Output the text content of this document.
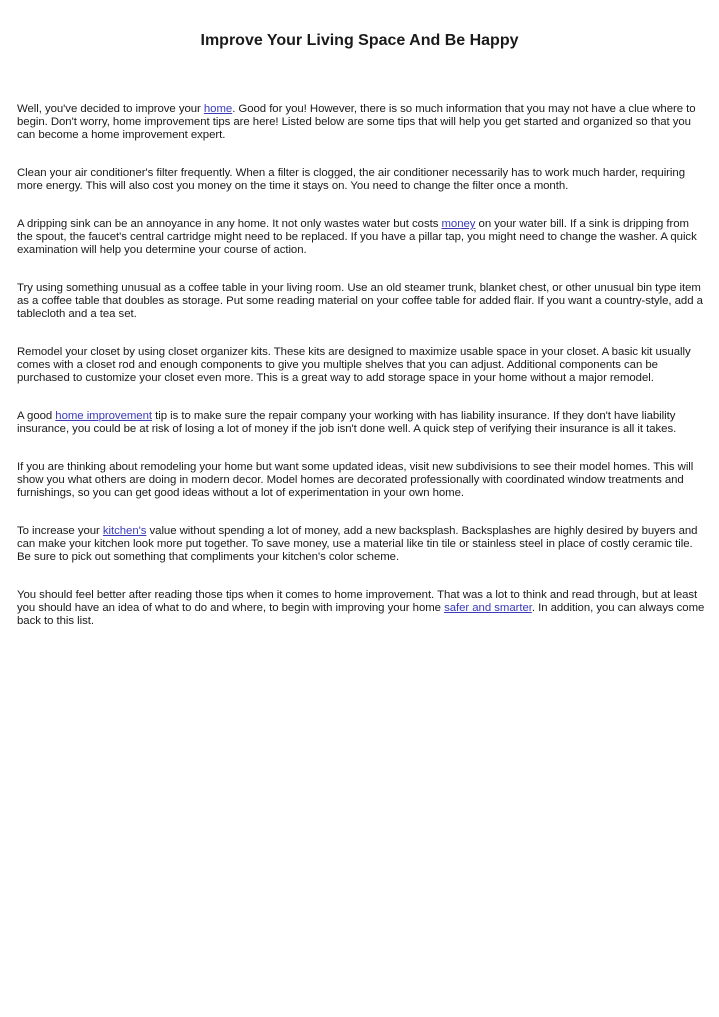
Improve Your Living Space And Be Happy

Well, you've decided to improve your home. Good for you! However, there is so much information that you may not have a clue where to begin. Don't worry, home improvement tips are here! Listed below are some tips that will help you get started and organized so that you can become a home improvement expert.

Clean your air conditioner's filter frequently. When a filter is clogged, the air conditioner necessarily has to work much harder, requiring more energy. This will also cost you money on the time it stays on. You need to change the filter once a month.

A dripping sink can be an annoyance in any home. It not only wastes water but costs money on your water bill. If a sink is dripping from the spout, the faucet's central cartridge might need to be replaced. If you have a pillar tap, you might need to change the washer. A quick examination will help you determine your course of action.

Try using something unusual as a coffee table in your living room. Use an old steamer trunk, blanket chest, or other unusual bin type item as a coffee table that doubles as storage. Put some reading material on your coffee table for added flair. If you want a country-style, add a tablecloth and a tea set.

Remodel your closet by using closet organizer kits. These kits are designed to maximize usable space in your closet. A basic kit usually comes with a closet rod and enough components to give you multiple shelves that you can adjust. Additional components can be purchased to customize your closet even more. This is a great way to add storage space in your home without a major remodel.

A good home improvement tip is to make sure the repair company your working with has liability insurance. If they don't have liability insurance, you could be at risk of losing a lot of money if the job isn't done well. A quick step of verifying their insurance is all it takes.

If you are thinking about remodeling your home but want some updated ideas, visit new subdivisions to see their model homes. This will show you what others are doing in modern decor. Model homes are decorated professionally with coordinated window treatments and furnishings, so you can get good ideas without a lot of experimentation in your own home.

To increase your kitchen's value without spending a lot of money, add a new backsplash. Backsplashes are highly desired by buyers and can make your kitchen look more put together. To save money, use a material like tin tile or stainless steel in place of costly ceramic tile. Be sure to pick out something that compliments your kitchen's color scheme.

You should feel better after reading those tips when it comes to home improvement. That was a lot to think and read through, but at least you should have an idea of what to do and where, to begin with improving your home safer and smarter. In addition, you can always come back to this list.
